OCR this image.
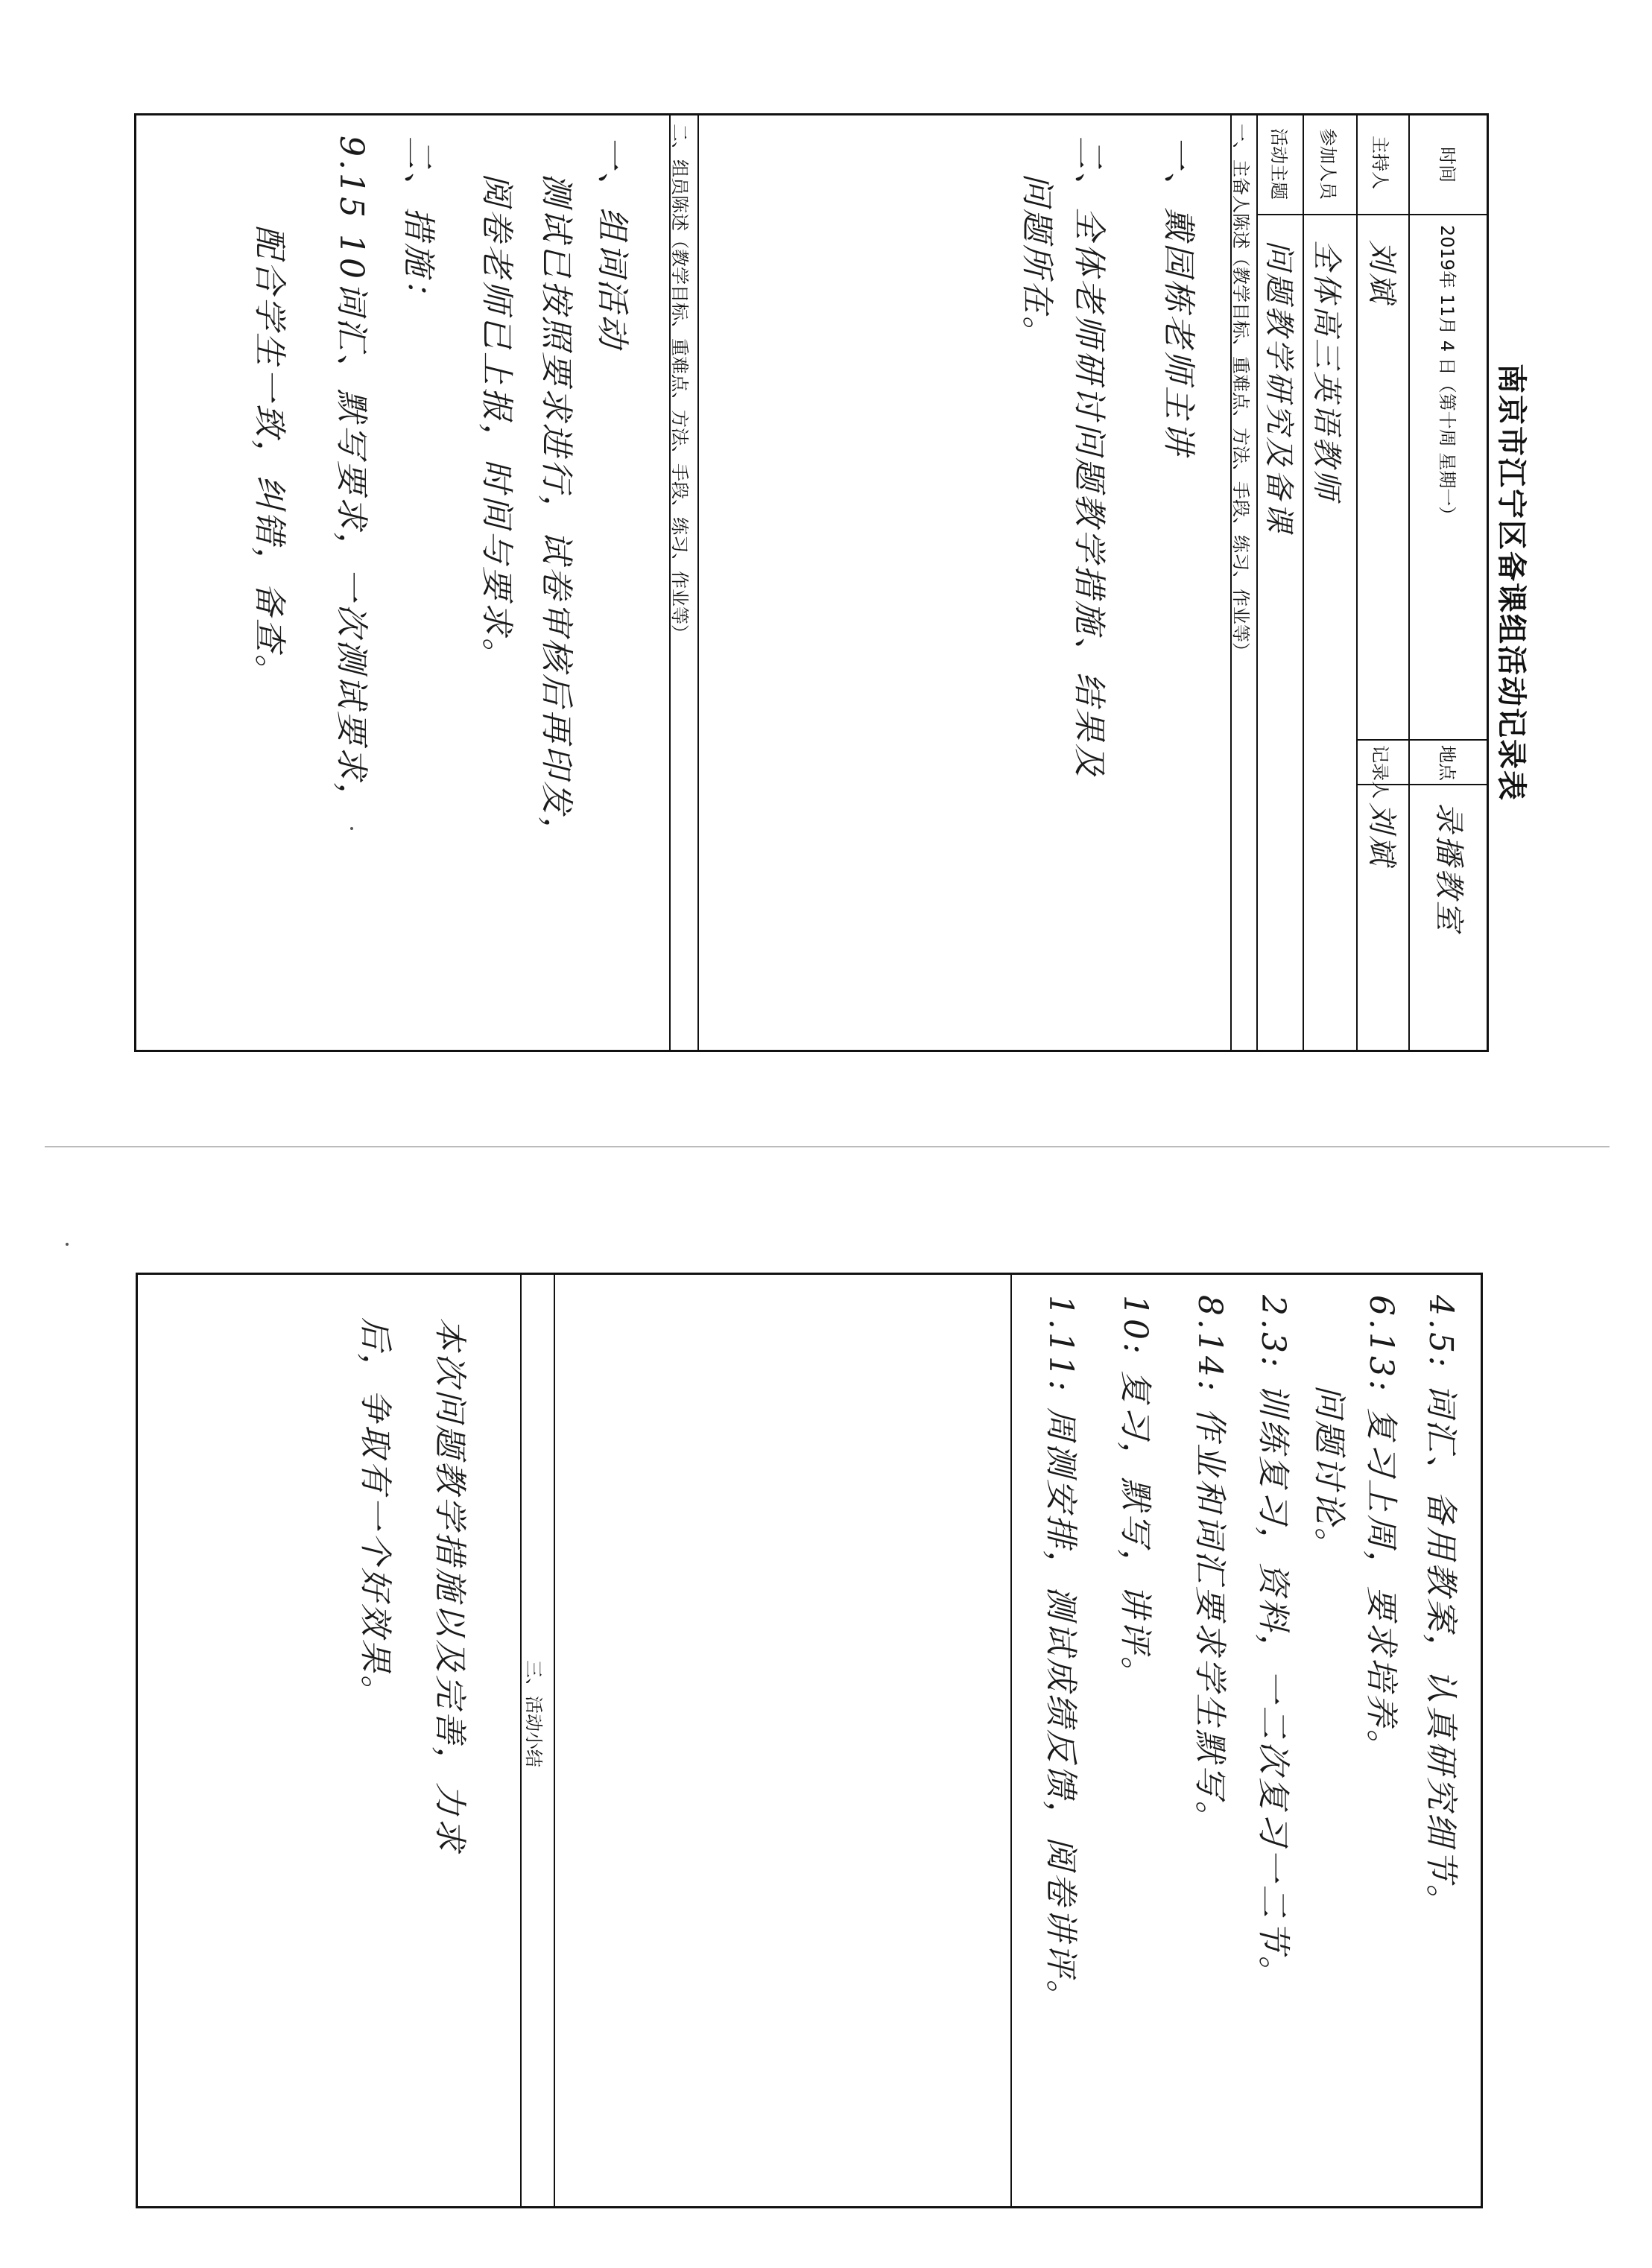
南京市江宁区备课组活动记录表
时间
2019年 11月 4 日（第十周 星期一）
地点
录播教室
主持人
刘斌
记录人
刘斌
参加人员
全体高三英语教师
活动主题
问题教学研究及备课
一、主备人陈述（教学目标、重难点、方法、手段、练习、作业等）
一、戴园栋老师主讲
二、全体老师研讨问题教学措施、结果及
问题所在。
二、组员陈述（教学目标、重难点、方法、手段、练习、作业等）
一、组词活动
测试已按照要求进行，试卷审核后再印发，
阅卷老师已上报，时间与要求。
二、措施：
9.15 10词汇、默写要求，一次测试要求，
配合学生一致，纠错，备查。
4.5: 词汇、备用教案，认真研究细节。
6.13: 复习上周，要求培养。
问题讨论。
2.3: 训练复习，资料，一二次复习一二节。
8.14: 作业和词汇要求学生默写。
10: 复习，默写，讲评。
1.11: 周测安排，测试成绩反馈，阅卷讲评。
三、活动小结
本次问题教学措施以及完善，力求
后，争取有一个好效果。
